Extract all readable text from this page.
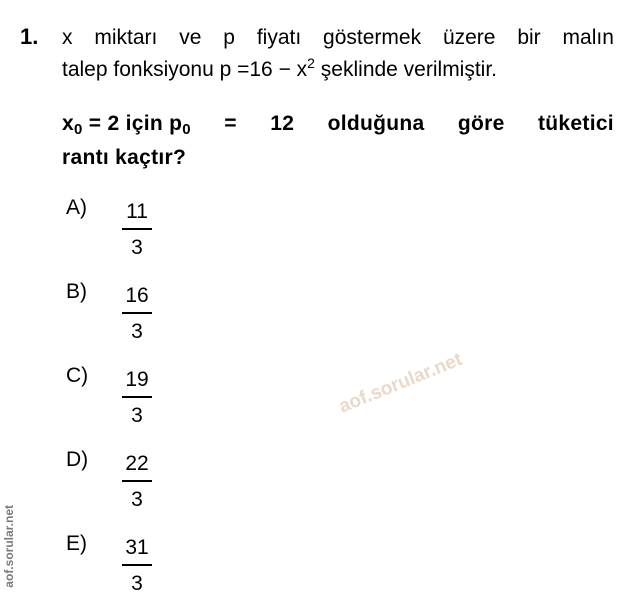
1. x miktarı ve p fiyatı göstermek üzere bir malın
talep fonksiyonu $p =16 - x^2$ şeklinde verilmiştir.
$x_0 = 2$ için $p_0 = 12$ olduğuna göre tüketici
rantı kaçtır?
A) 11
3
B) 16
3
C) 19
3
D) 22
3
E) 31
3
aof.sorular.net
aof.sorular.net
